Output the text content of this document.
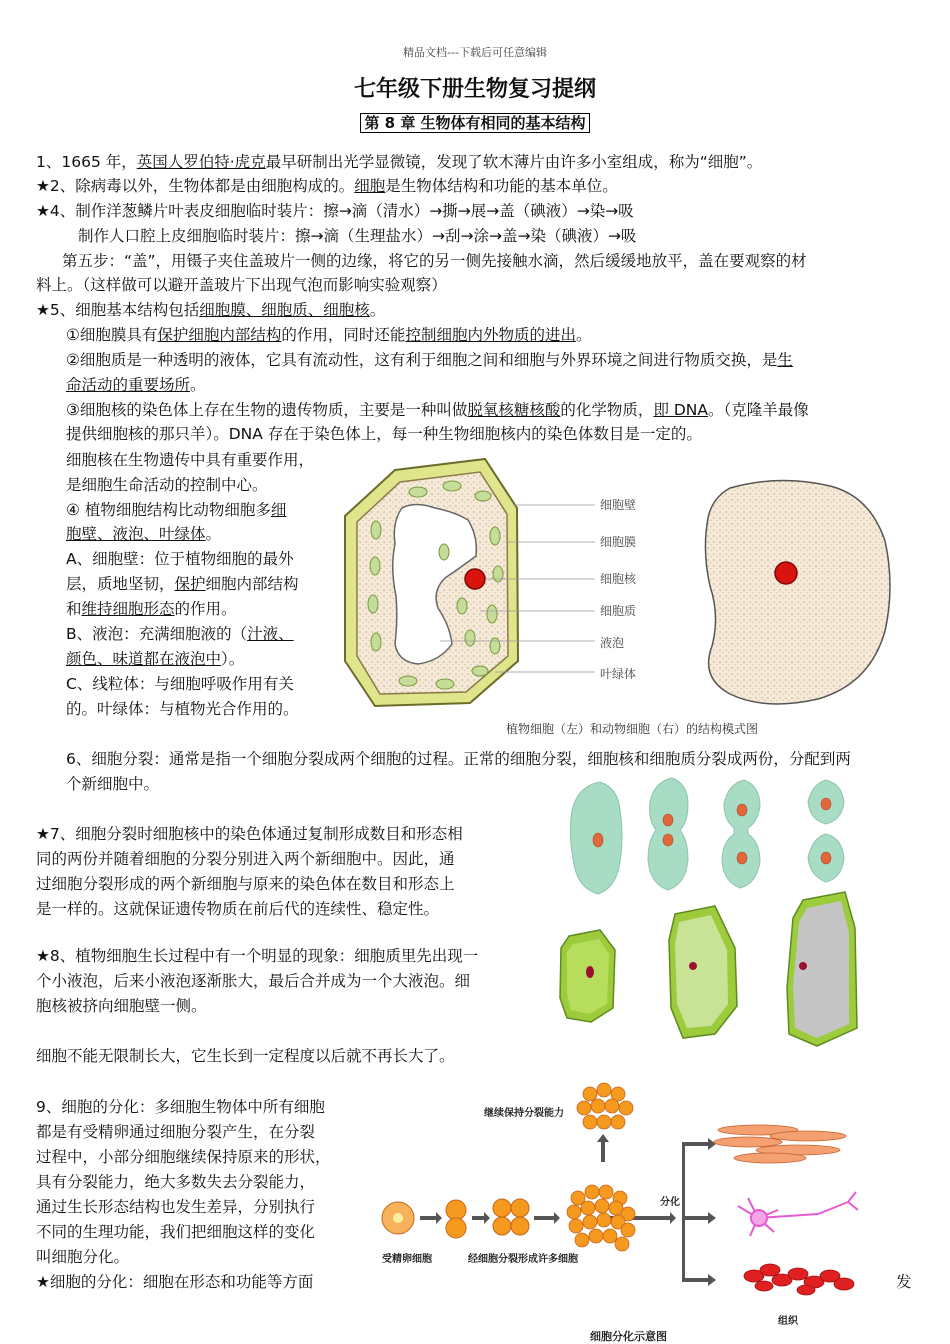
精品文档---下载后可任意编辑
七年级下册生物复习提纲
第 8 章 生物体有相同的基本结构
1、1665 年，英国人罗伯特·虎克最早研制出光学显微镜，发现了软木薄片由许多小室组成，称为“细胞”。
★2、除病毒以外，生物体都是由细胞构成的。细胞是生物体结构和功能的基本单位。
★4、制作洋葱鳞片叶表皮细胞临时装片：擦→滴（清水）→撕→展→盖（碘液）→染→吸
制作人口腔上皮细胞临时装片：擦→滴（生理盐水）→刮→涂→盖→染（碘液）→吸
第五步：“盖”，用镊子夹住盖玻片一侧的边缘，将它的另一侧先接触水滴，然后缓缓地放平，盖在要观察的材
料上。（这样做可以避开盖玻片下出现气泡而影响实验观察）
★5、细胞基本结构包括细胞膜、细胞质、细胞核。
①细胞膜具有保护细胞内部结构的作用，同时还能控制细胞内外物质的进出。
②细胞质是一种透明的液体，它具有流动性，这有利于细胞之间和细胞与外界环境之间进行物质交换，是生
命活动的重要场所。
③细胞核的染色体上存在生物的遗传物质，主要是一种叫做脱氧核糖核酸的化学物质，即 DNA。（克隆羊最像
提供细胞核的那只羊）。DNA 存在于染色体上，每一种生物细胞核内的染色体数目是一定的。
细胞核在生物遗传中具有重要作用，
是细胞生命活动的控制中心。
④ 植物细胞结构比动物细胞多细
胞壁、液泡、叶绿体。
A、细胞壁：位于植物细胞的最外
层，质地坚韧，保护细胞内部结构
和维持细胞形态的作用。
B、液泡：充满细胞液的（汁液、
颜色、味道都在液泡中）。
C、线粒体：与细胞呼吸作用有关
的。叶绿体：与植物光合作用的。
细胞壁
细胞膜
细胞核
细胞质
液泡
叶绿体
植物细胞（左）和动物细胞（右）的结构模式图
6、细胞分裂：通常是指一个细胞分裂成两个细胞的过程。正常的细胞分裂，细胞核和细胞质分裂成两份，分配到两
个新细胞中。
★7、细胞分裂时细胞核中的染色体通过复制形成数目和形态相
同的两份并随着细胞的分裂分别进入两个新细胞中。因此，通
过细胞分裂形成的两个新细胞与原来的染色体在数目和形态上
是一样的。这就保证遗传物质在前后代的连续性、稳定性。
★8、植物细胞生长过程中有一个明显的现象：细胞质里先出现一
个小液泡，后来小液泡逐渐胀大，最后合并成为一个大液泡。细
胞核被挤向细胞壁一侧。
细胞不能无限制长大，它生长到一定程度以后就不再长大了。
9、细胞的分化：多细胞生物体中所有细胞
都是有受精卵通过细胞分裂产生，在分裂
过程中，小部分细胞继续保持原来的形状，
具有分裂能力，绝大多数失去分裂能力，
通过生长形态结构也发生差异，分别执行
不同的生理功能，我们把细胞这样的变化
叫细胞分化。
★细胞的分化：细胞在形态和功能等方面	发
继续保持分裂能力
受精卵细胞	经细胞分裂形成许多细胞
分化
组织
细胞分化示意图
